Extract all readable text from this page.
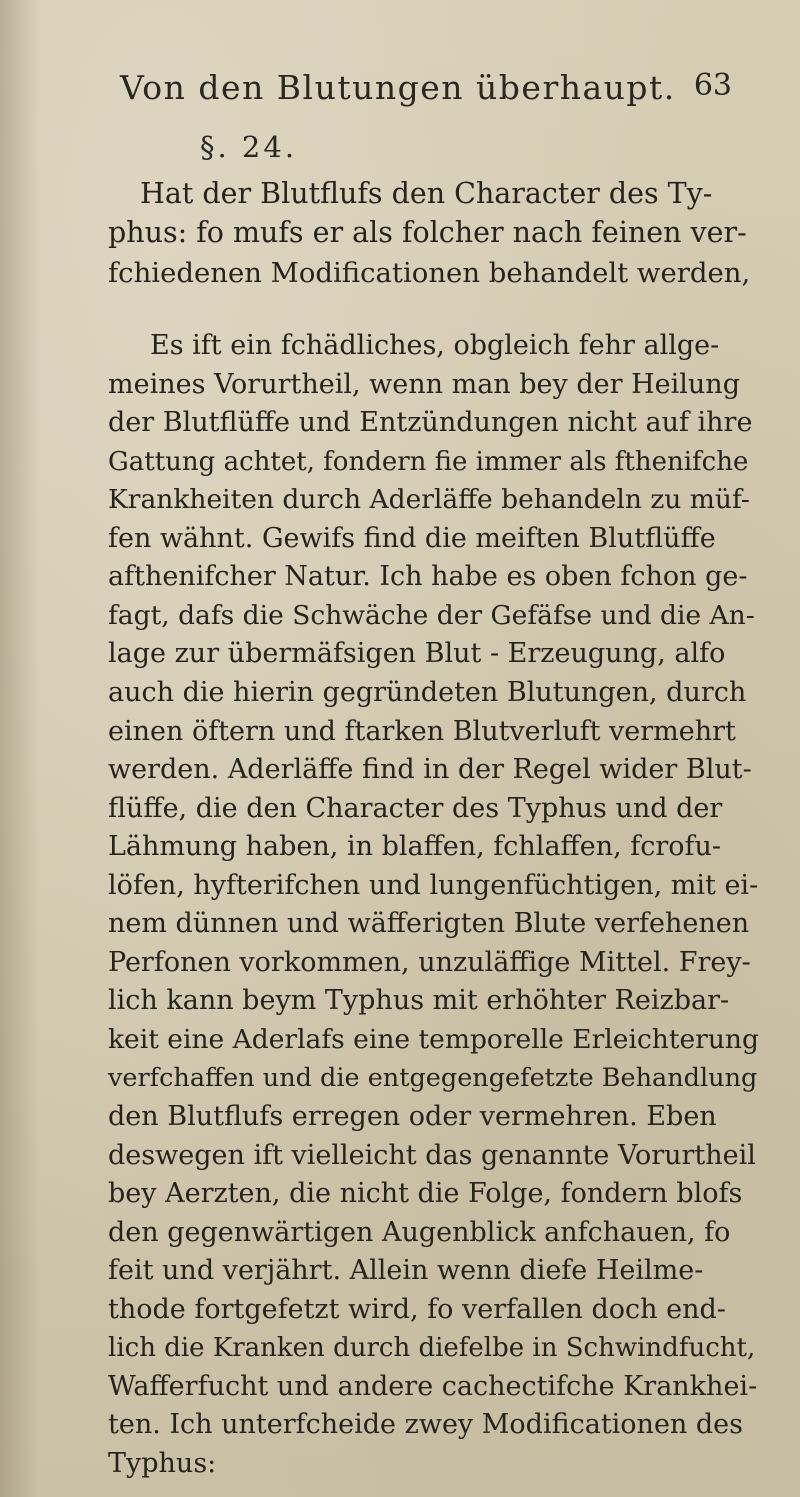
Von den Blutungen überhaupt. 63
§. 24.
Hat der Blutflufs den Character des Ty-
phus: fo mufs er als folcher nach feinen ver-
fchiedenen Modificationen behandelt werden,
Es ift ein fchädliches, obgleich fehr allge-
meines Vorurtheil, wenn man bey der Heilung
der Blutflüffe und Entzündungen nicht auf ihre
Gattung achtet, fondern fie immer als fthenifche
Krankheiten durch Aderläffe behandeln zu müf-
fen wähnt. Gewifs find die meiften Blutflüffe
afthenifcher Natur. Ich habe es oben fchon ge-
fagt, dafs die Schwäche der Gefäfse und die An-
lage zur übermäfsigen Blut - Erzeugung, alfo
auch die hierin gegründeten Blutungen, durch
einen öftern und ftarken Blutverluft vermehrt
werden. Aderläffe find in der Regel wider Blut-
flüffe, die den Character des Typhus und der
Lähmung haben, in blaffen, fchlaffen, fcrofu-
löfen, hyfterifchen und lungenfüchtigen, mit ei-
nem dünnen und wäfferigten Blute verfehenen
Perfonen vorkommen, unzuläffige Mittel. Frey-
lich kann beym Typhus mit erhöhter Reizbar-
keit eine Aderlafs eine temporelle Erleichterung
verfchaffen und die entgegengefetzte Behandlung
den Blutflufs erregen oder vermehren. Eben
deswegen ift vielleicht das genannte Vorurtheil
bey Aerzten, die nicht die Folge, fondern blofs
den gegenwärtigen Augenblick anfchauen, fo
feit und verjährt. Allein wenn diefe Heilme-
thode fortgefetzt wird, fo verfallen doch end-
lich die Kranken durch diefelbe in Schwindfucht,
Wafferfucht und andere cachectifche Krankhei-
ten. Ich unterfcheide zwey Modificationen des
Typhus:
